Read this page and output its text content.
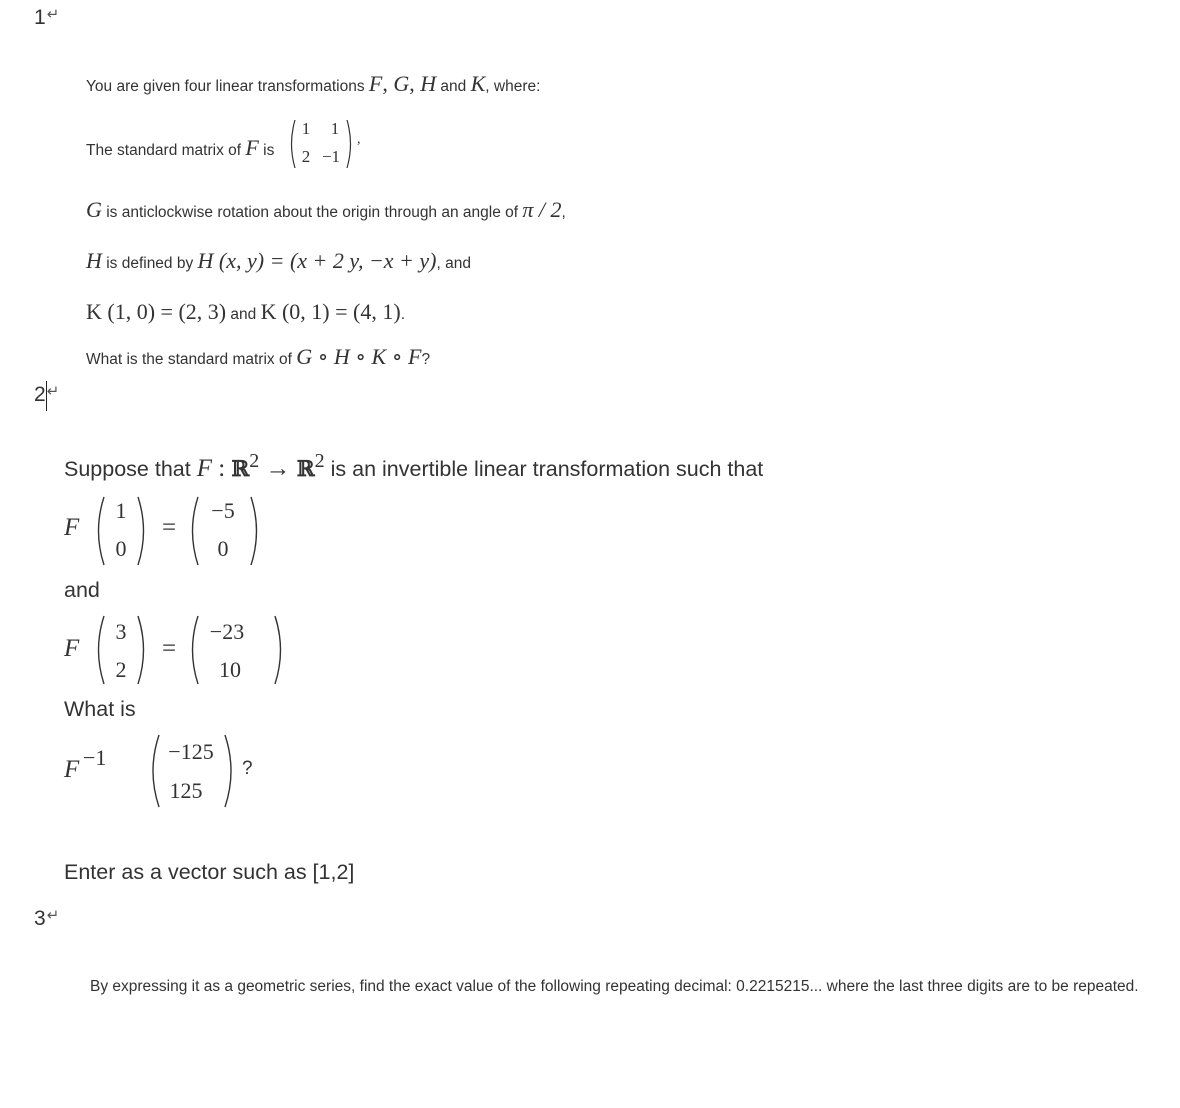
1↵
2↵
3↵
You are given four linear transformations F, G, H and K, where:
The standard matrix of F is
1	1
2 −1
,
G is anticlockwise rotation about the origin through an angle of π / 2,
H is defined by H (x, y) = (x + 2 y, −x + y), and
K (1, 0) = (2, 3) and K (0, 1) = (4, 1).
What is the standard matrix of G ∘ H ∘ K ∘ F?
Suppose that F : ℝ$^2$ → ℝ$^2$ is an invertible linear transformation such that
F
1
0
=
−5
0
and
F
3
2
=
−23
10
What is
F −1	−125
125
?
Enter as a vector such as [1,2]
By expressing it as a geometric series, find the exact value of the following repeating decimal: 0.2215215... where the last three digits are to be repeated.
